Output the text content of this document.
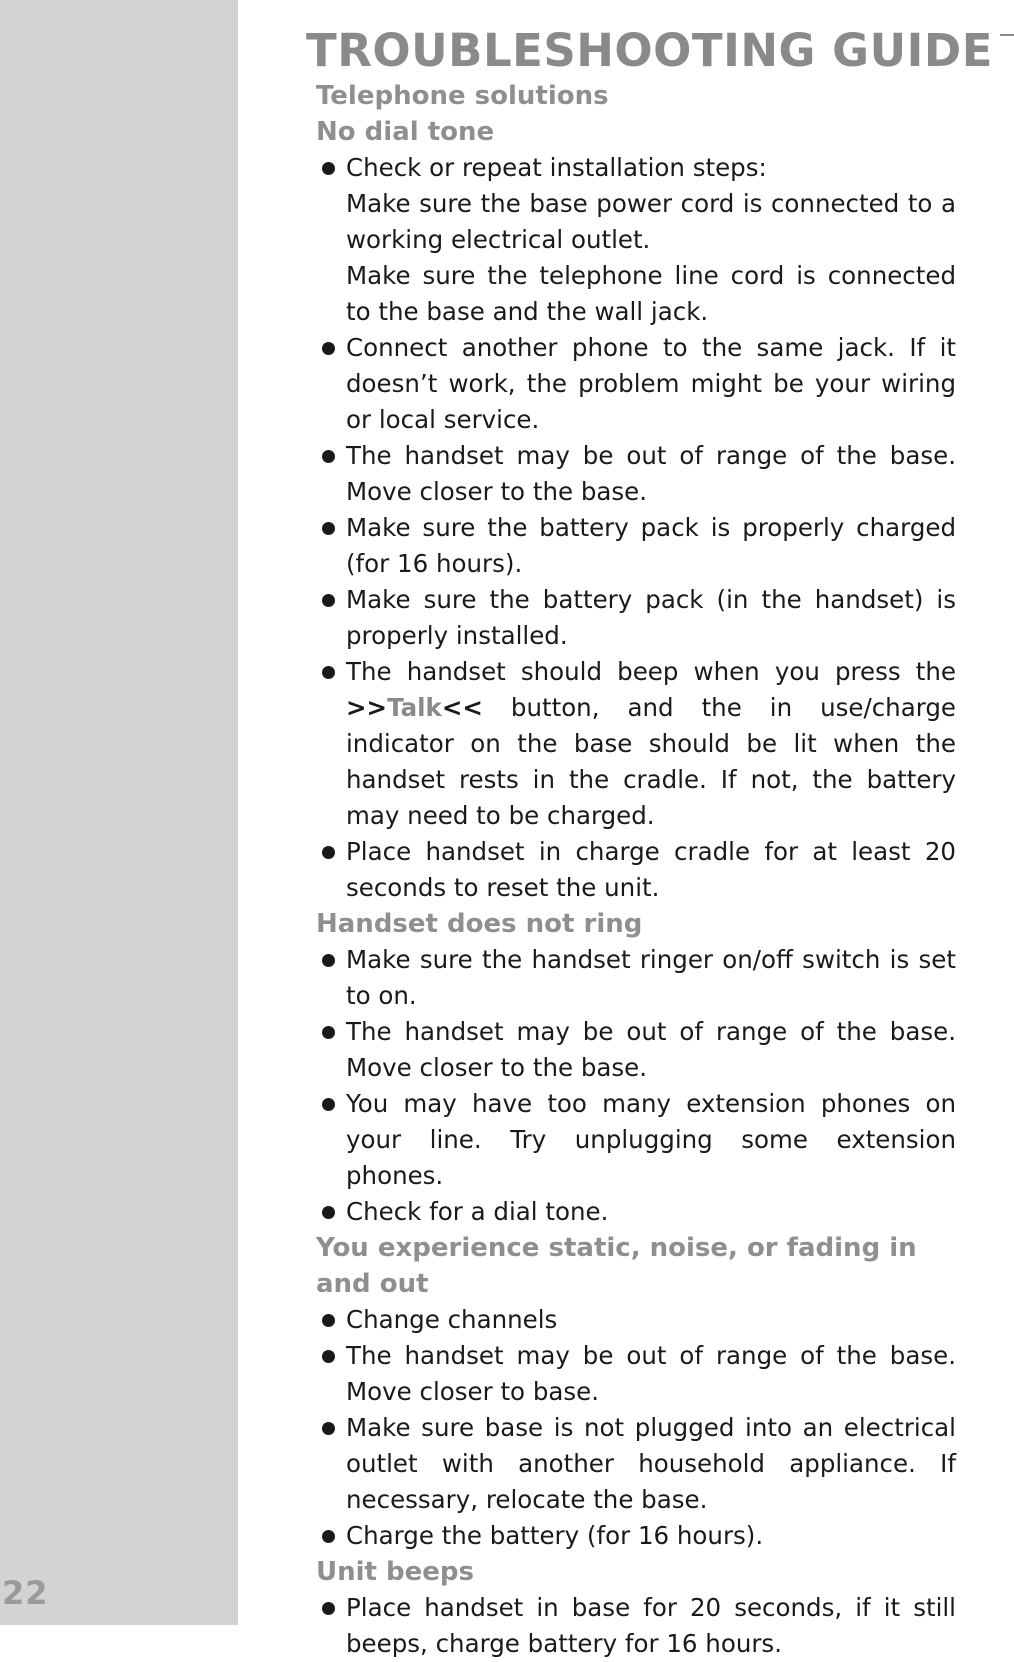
22
TROUBLESHOOTING GUIDE
Telephone solutions
No dial tone
Check or repeat installation steps:
Make sure the base power cord is connected to a working electrical outlet.
Make sure the telephone line cord is connected to the base and the wall jack.
Connect another phone to the same jack. If it doesn’t work, the problem might be your wiring or local service.
The handset may be out of range of the base. Move closer to the base.
Make sure the battery pack is properly charged (for 16 hours).
Make sure the battery pack (in the handset) is properly installed.
The handset should beep when you press the >>Talk<< button, and the in use/charge indicator on the base should be lit when the handset rests in the cradle. If not, the battery may need to be charged.
Place handset in charge cradle for at least 20 seconds to reset the unit.
Handset does not ring
Make sure the handset ringer on/off switch is set to on.
The handset may be out of range of the base. Move closer to the base.
You may have too many extension phones on your line. Try unplugging some extension phones.
Check for a dial tone.
You experience static, noise, or fading in and out
Change channels
The handset may be out of range of the base. Move closer to base.
Make sure base is not plugged into an electrical outlet with another household appliance. If necessary, relocate the base.
Charge the battery (for 16 hours).
Unit beeps
Place handset in base for 20 seconds, if it still beeps, charge battery for 16 hours.
